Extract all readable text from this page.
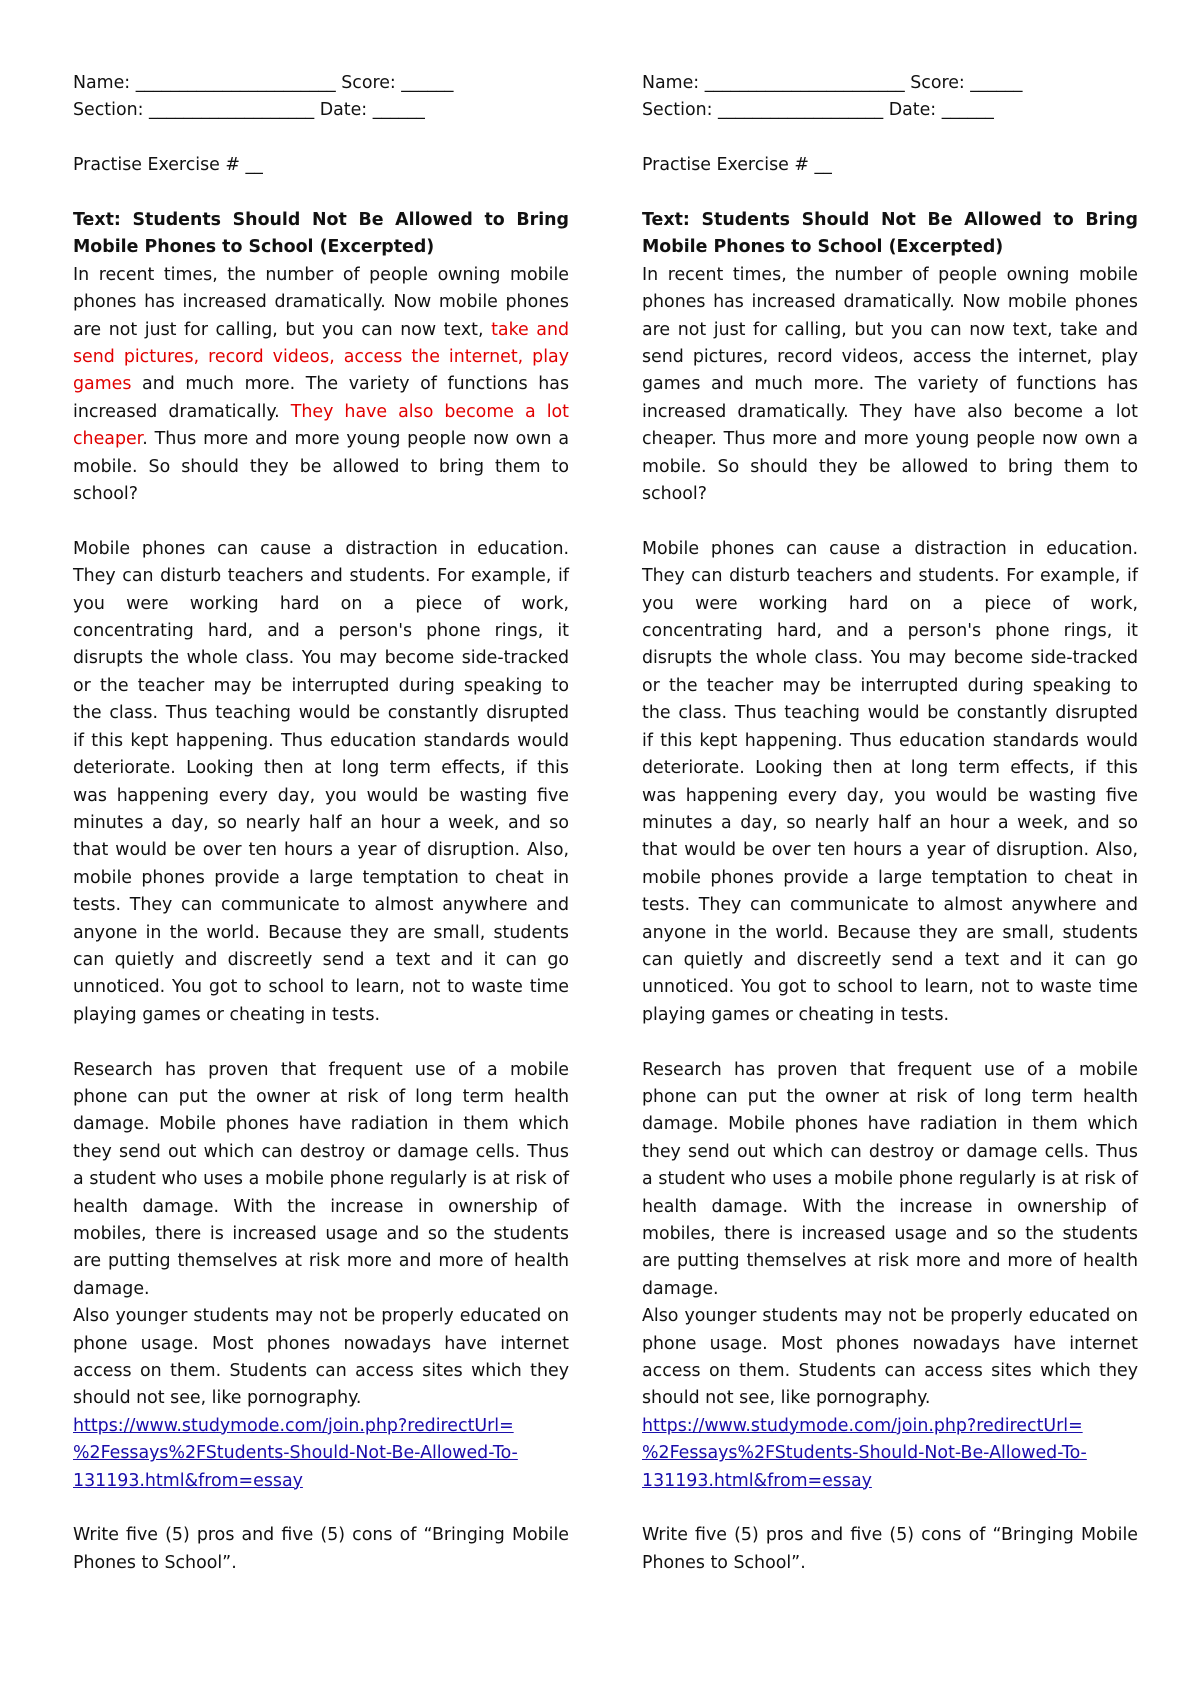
Name: _______________________ Score: ______
Section: ___________________ Date: ______
Practise Exercise # __
Text: Students Should Not Be Allowed to Bring Mobile Phones to School (Excerpted)

In recent times, the number of people owning mobile phones has increased dramatically. Now mobile phones are not just for calling, but you can now text, take and send pictures, record videos, access the internet, play games and much more. The variety of functions has increased dramatically. They have also become a lot cheaper. Thus more and more young people now own a mobile. So should they be allowed to bring them to school?

Mobile phones can cause a distraction in education. They can disturb teachers and students. For example, if you were working hard on a piece of work, concentrating hard, and a person's phone rings, it disrupts the whole class. You may become side-tracked or the teacher may be interrupted during speaking to the class. Thus teaching would be constantly disrupted if this kept happening. Thus education standards would deteriorate. Looking then at long term effects, if this was happening every day, you would be wasting five minutes a day, so nearly half an hour a week, and so that would be over ten hours a year of disruption. Also, mobile phones provide a large temptation to cheat in tests. They can communicate to almost anywhere and anyone in the world. Because they are small, students can quietly and discreetly send a text and it can go unnoticed. You got to school to learn, not to waste time playing games or cheating in tests.

Research has proven that frequent use of a mobile phone can put the owner at risk of long term health damage. Mobile phones have radiation in them which they send out which can destroy or damage cells. Thus a student who uses a mobile phone regularly is at risk of health damage. With the increase in ownership of mobiles, there is increased usage and so the students are putting themselves at risk more and more of health damage.

Also younger students may not be properly educated on phone usage. Most phones nowadays have internet access on them. Students can access sites which they should not see, like pornography.

https://www.studymode.com/join.php?redirectUrl=
%2Fessays%2FStudents-Should-Not-Be-Allowed-To-
131193.html&from=essay

Write five (5) pros and five (5) cons of “Bringing Mobile Phones to School”.

Name: _______________________ Score: ______
Section: ___________________ Date: ______
Practise Exercise # __
Text: Students Should Not Be Allowed to Bring Mobile Phones to School (Excerpted)

In recent times, the number of people owning mobile phones has increased dramatically. Now mobile phones are not just for calling, but you can now text, take and send pictures, record videos, access the internet, play games and much more. The variety of functions has increased dramatically. They have also become a lot cheaper. Thus more and more young people now own a mobile. So should they be allowed to bring them to school?

Mobile phones can cause a distraction in education. They can disturb teachers and students. For example, if you were working hard on a piece of work, concentrating hard, and a person's phone rings, it disrupts the whole class. You may become side-tracked or the teacher may be interrupted during speaking to the class. Thus teaching would be constantly disrupted if this kept happening. Thus education standards would deteriorate. Looking then at long term effects, if this was happening every day, you would be wasting five minutes a day, so nearly half an hour a week, and so that would be over ten hours a year of disruption. Also, mobile phones provide a large temptation to cheat in tests. They can communicate to almost anywhere and anyone in the world. Because they are small, students can quietly and discreetly send a text and it can go unnoticed. You got to school to learn, not to waste time playing games or cheating in tests.

Research has proven that frequent use of a mobile phone can put the owner at risk of long term health damage. Mobile phones have radiation in them which they send out which can destroy or damage cells. Thus a student who uses a mobile phone regularly is at risk of health damage. With the increase in ownership of mobiles, there is increased usage and so the students are putting themselves at risk more and more of health damage.

Also younger students may not be properly educated on phone usage. Most phones nowadays have internet access on them. Students can access sites which they should not see, like pornography.

https://www.studymode.com/join.php?redirectUrl=
%2Fessays%2FStudents-Should-Not-Be-Allowed-To-
131193.html&from=essay

Write five (5) pros and five (5) cons of “Bringing Mobile Phones to School”.
